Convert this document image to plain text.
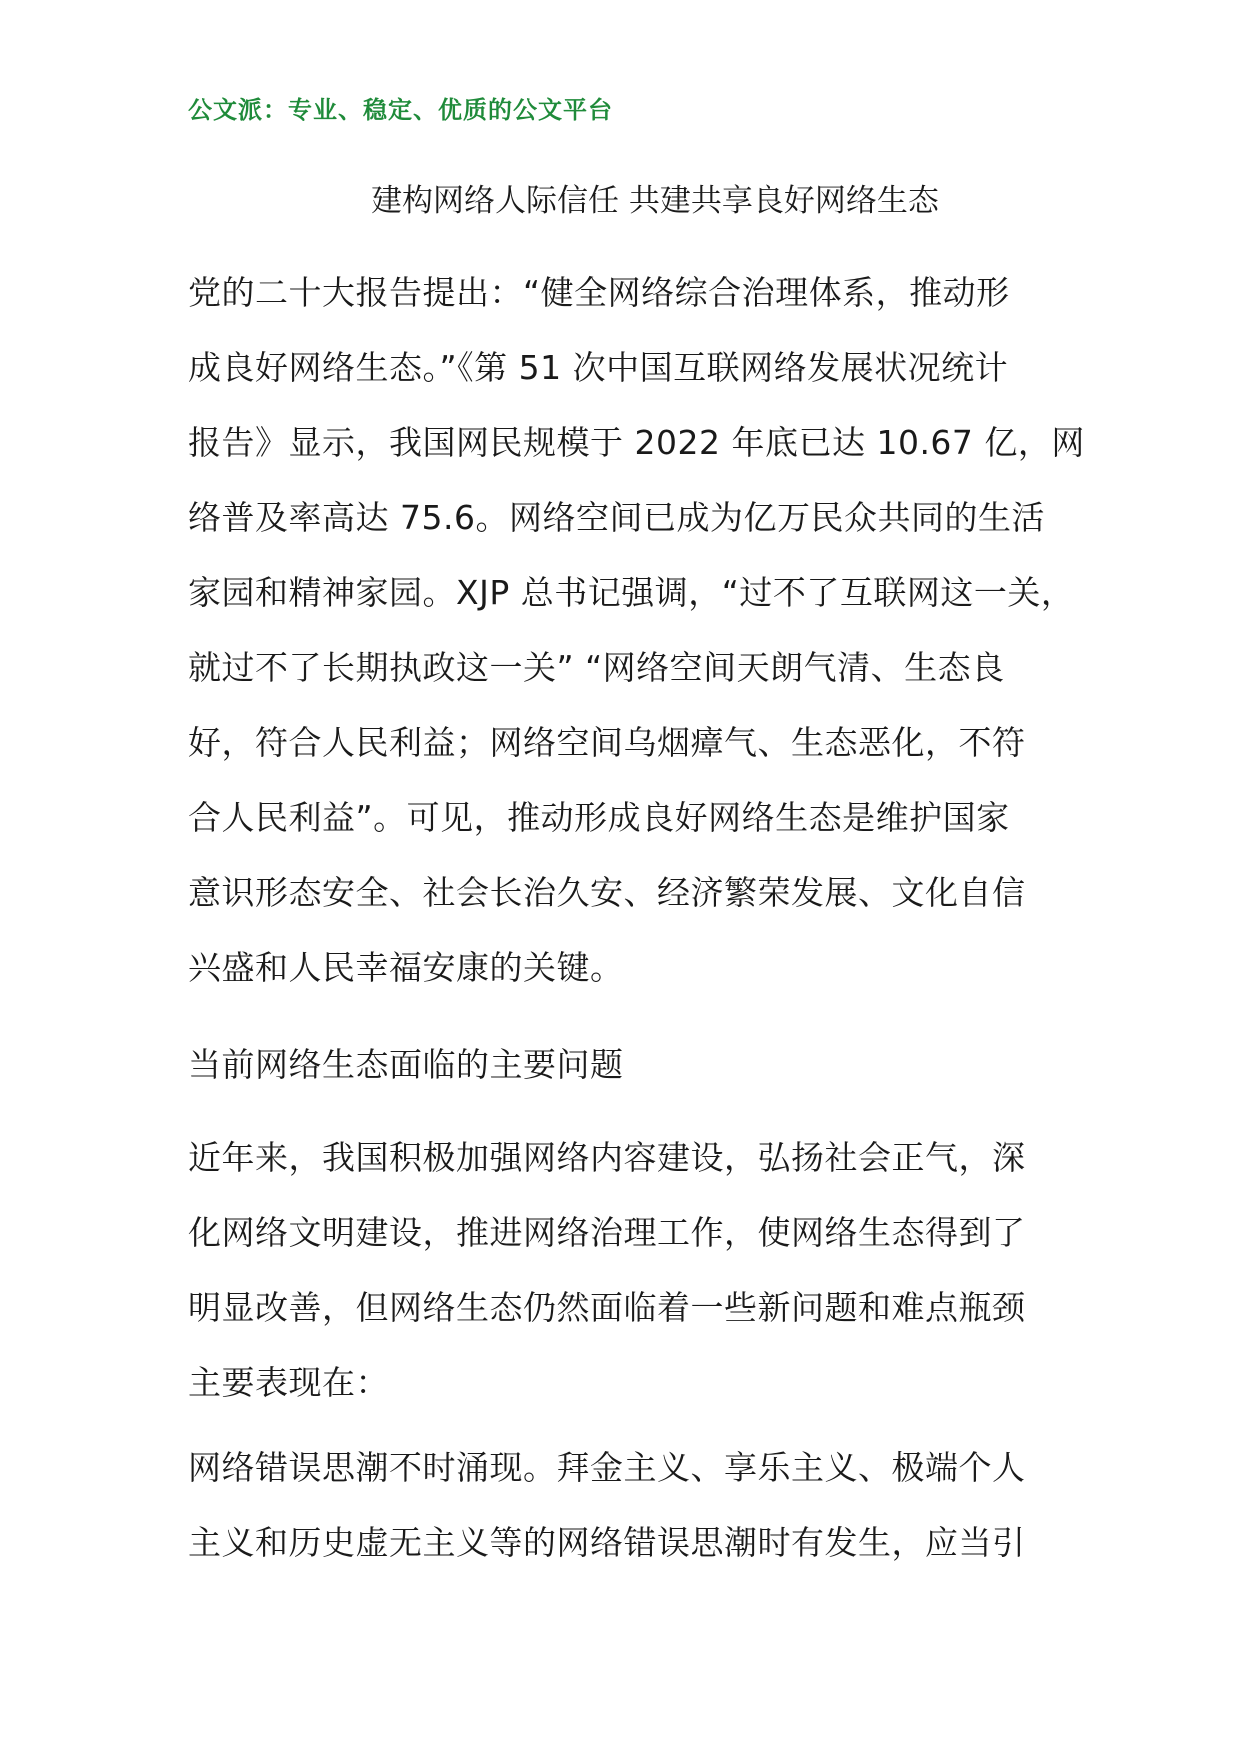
公文派：专业、稳定、优质的公文平台
建构网络人际信任 共建共享良好网络生态
党的二十大报告提出：“健全网络综合治理体系，推动形
成良好网络生态。”《第 51 次中国互联网络发展状况统计
报告》显示，我国网民规模于 2022 年底已达 10.67 亿，网
络普及率高达 75.6。网络空间已成为亿万民众共同的生活
家园和精神家园。XJP 总书记强调，“过不了互联网这一关，
就过不了长期执政这一关” “网络空间天朗气清、生态良
好，符合人民利益；网络空间乌烟瘴气、生态恶化，不符
合人民利益”。可见，推动形成良好网络生态是维护国家
意识形态安全、社会长治久安、经济繁荣发展、文化自信
兴盛和人民幸福安康的关键。
当前网络生态面临的主要问题
近年来，我国积极加强网络内容建设，弘扬社会正气，深
化网络文明建设，推进网络治理工作，使网络生态得到了
明显改善，但网络生态仍然面临着一些新问题和难点瓶颈
主要表现在：
网络错误思潮不时涌现。拜金主义、享乐主义、极端个人
主义和历史虚无主义等的网络错误思潮时有发生，应当引
